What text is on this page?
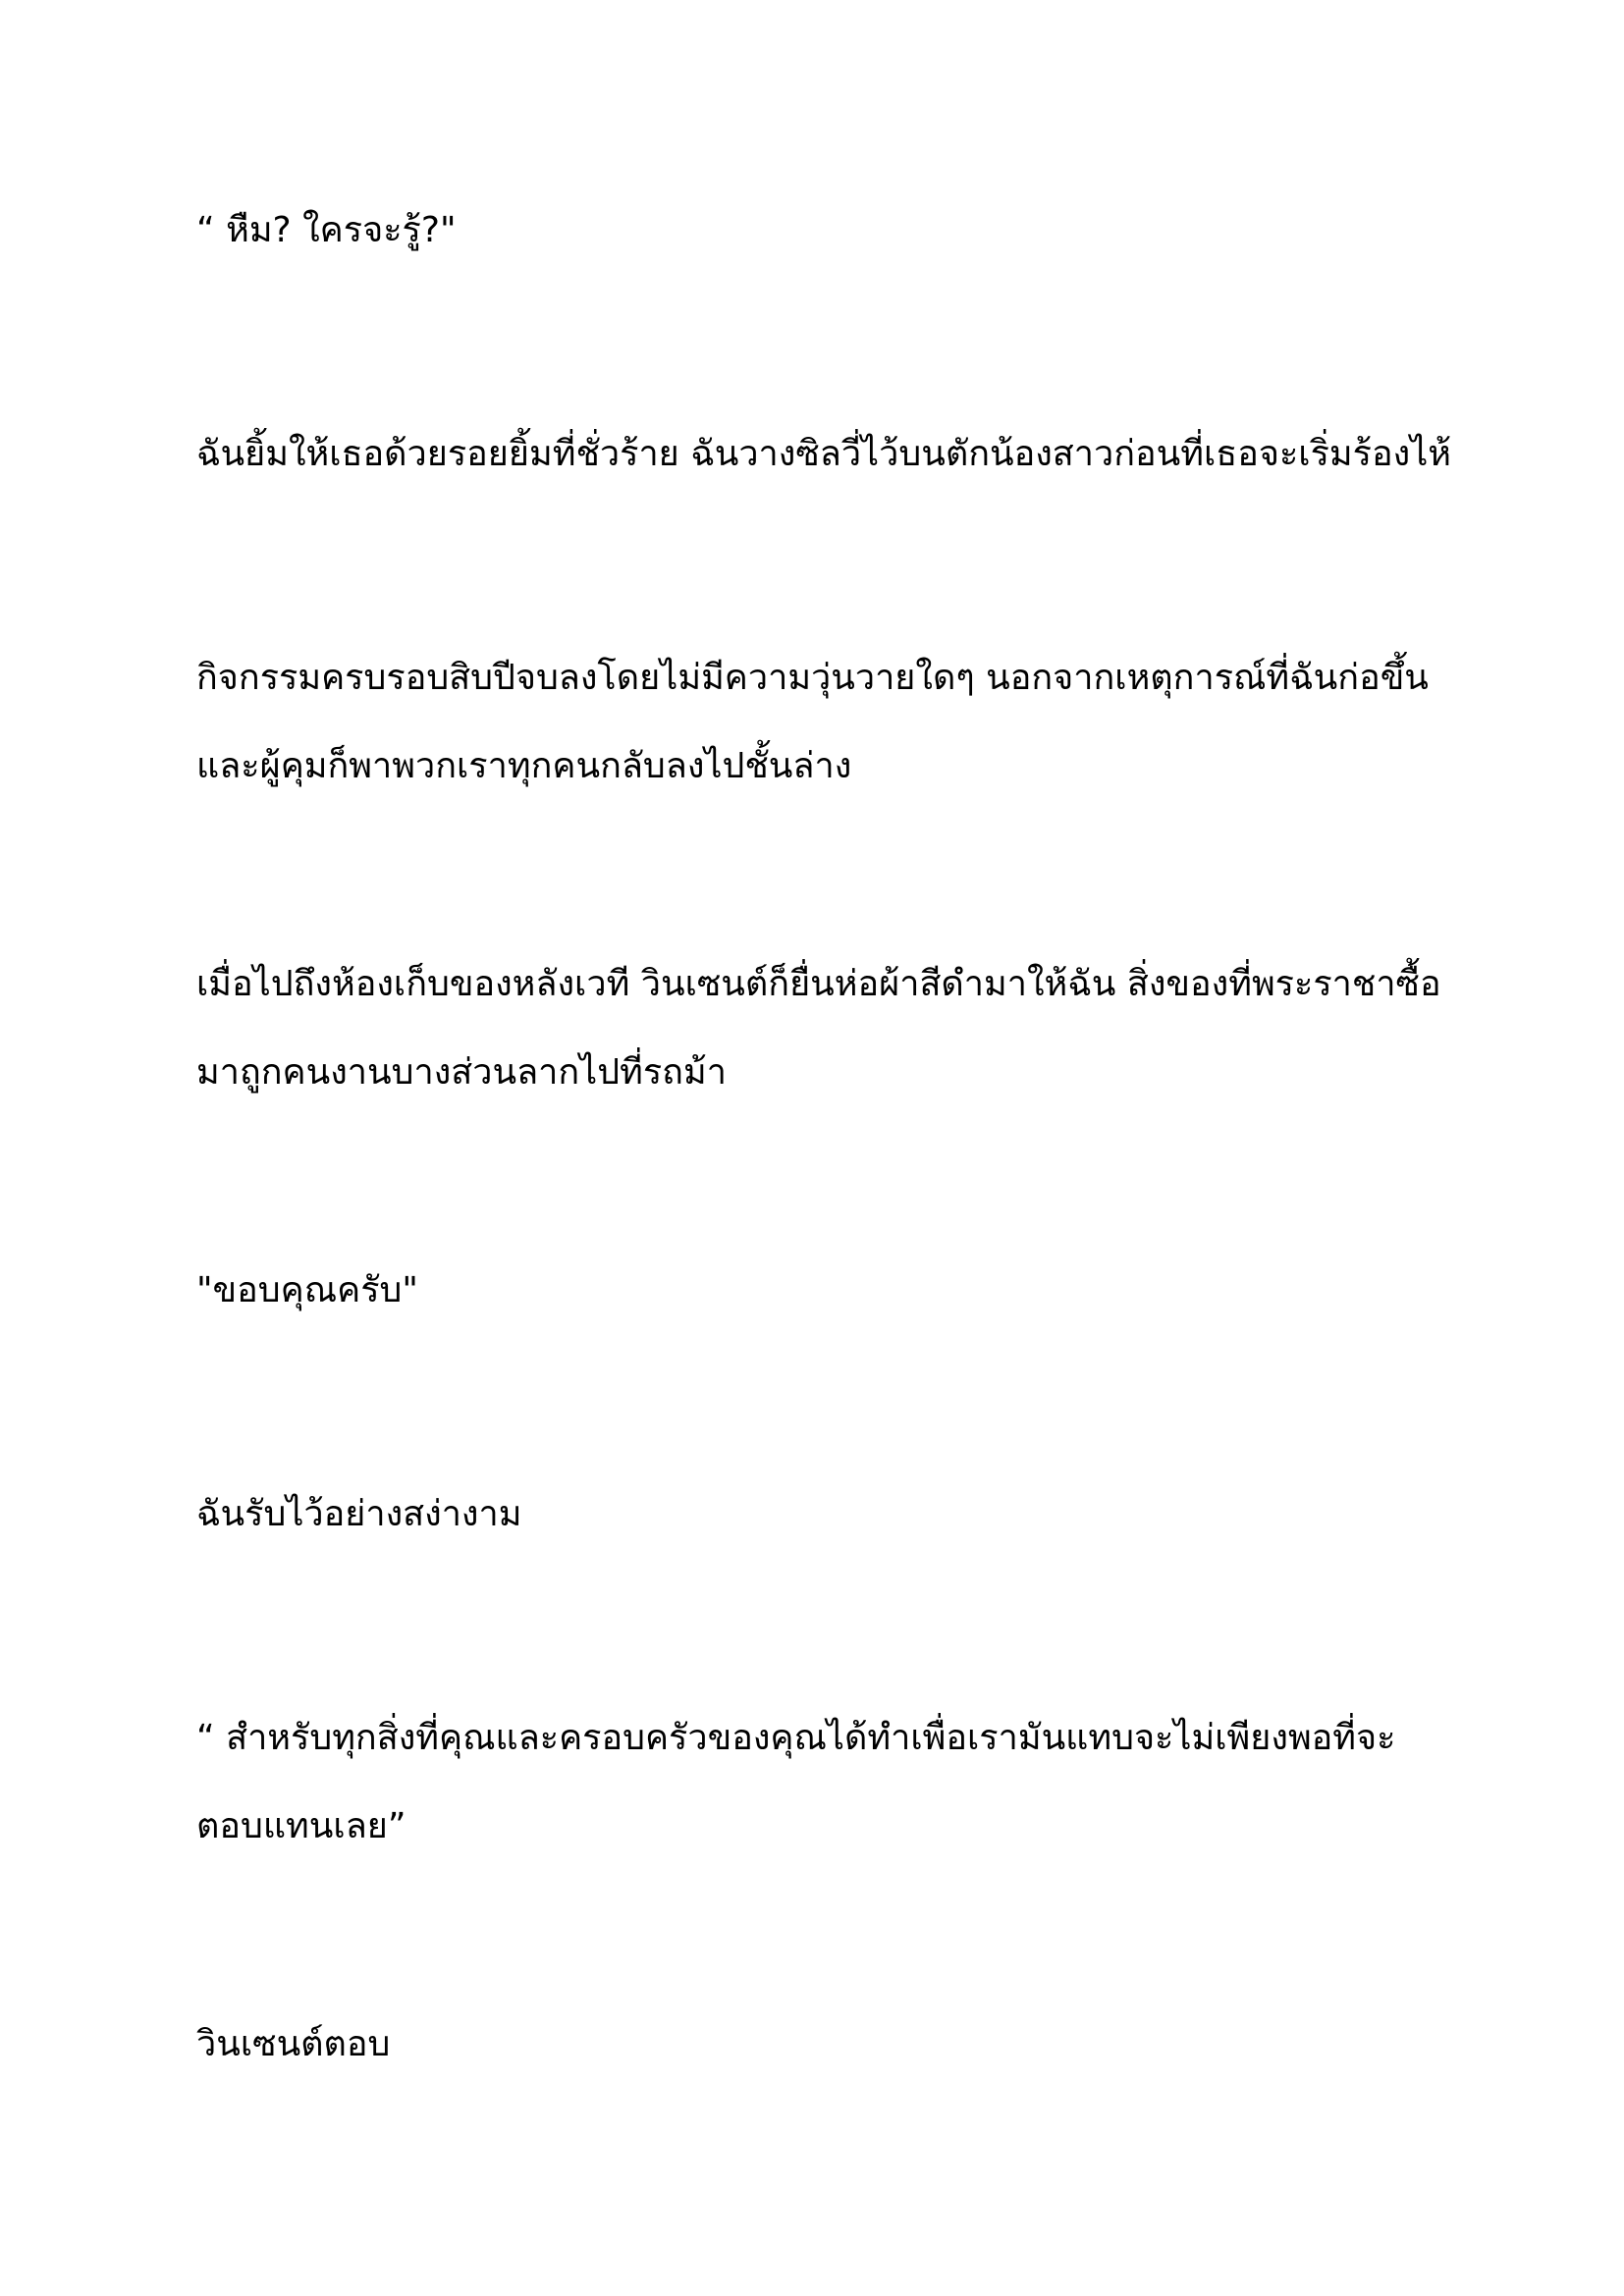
“ หืม? ใครจะรู้?"

ฉันยิ้มให้เธอด้วยรอยยิ้มที่ชั่วร้าย ฉันวางซิลวี่ไว้บนตักน้องสาวก่อนที่เธอจะเริ่มร้องไห้

กิจกรรมครบรอบสิบปีจบลงโดยไม่มีความวุ่นวายใดๆ นอกจากเหตุการณ์ที่ฉันก่อขึ้น
และผู้คุมก็พาพวกเราทุกคนกลับลงไปชั้นล่าง

เมื่อไปถึงห้องเก็บของหลังเวที วินเซนต์ก็ยื่นห่อผ้าสีดำมาให้ฉัน สิ่งของที่พระราชาซื้อ
มาถูกคนงานบางส่วนลากไปที่รถม้า

"ขอบคุณครับ"

ฉันรับไว้อย่างสง่างาม

“ สำหรับทุกสิ่งที่คุณและครอบครัวของคุณได้ทำเพื่อเรามันแทบจะไม่เพียงพอที่จะ
ตอบแทนเลย”

วินเซนต์ตอบ
